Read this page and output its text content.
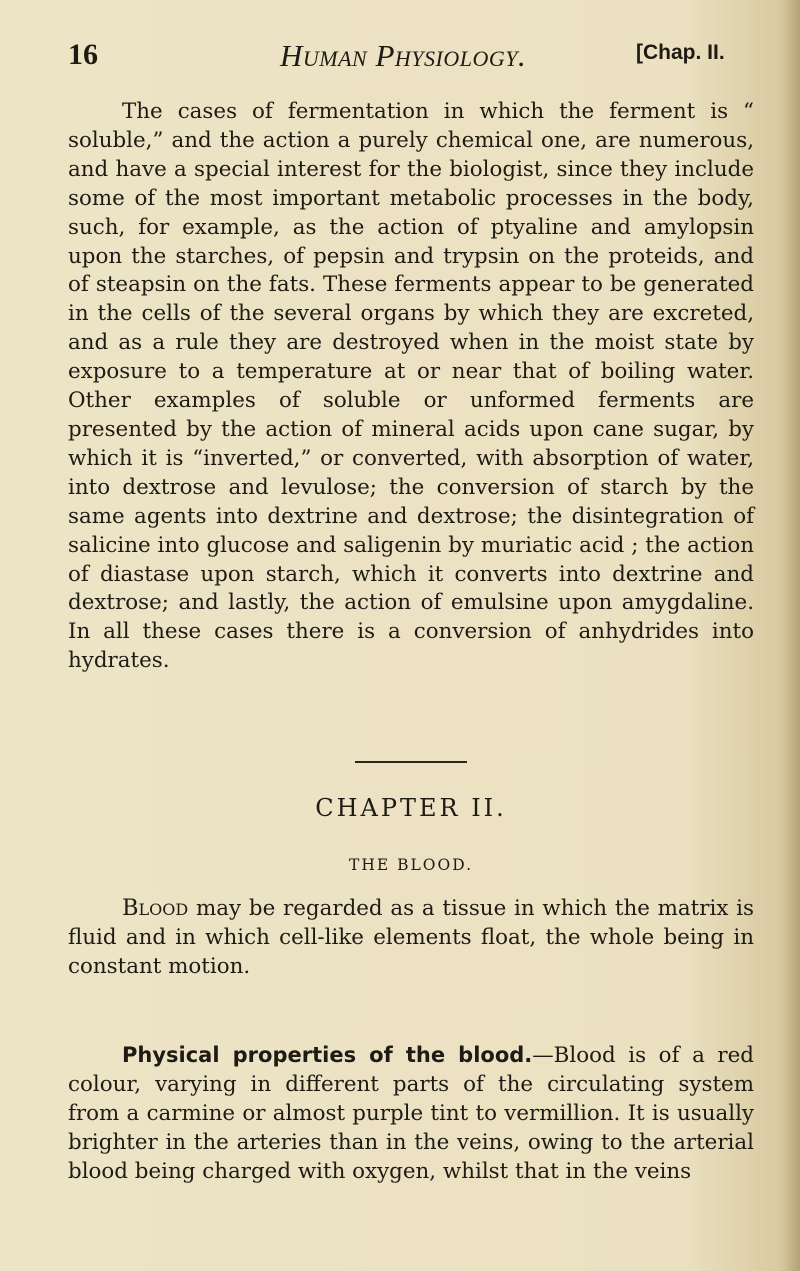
16	Human Physiology.	[Chap. II.

The cases of fermentation in which the ferment is “ soluble,” and the action a purely chemical one, are numerous, and have a special interest for the biologist, since they include some of the most important metabolic processes in the body, such, for example, as the action of ptyaline and amylopsin upon the starches, of pepsin and trypsin on the proteids, and of steapsin on the fats. These ferments appear to be generated in the cells of the several organs by which they are excreted, and as a rule they are destroyed when in the moist state by exposure to a temperature at or near that of boiling water. Other examples of soluble or unformed ferments are presented by the action of mineral acids upon cane sugar, by which it is “inverted,” or converted, with absorption of water, into dextrose and levulose; the conversion of starch by the same agents into dextrine and dextrose; the disintegration of salicine into glucose and saligenin by muriatic acid ; the action of diastase upon starch, which it converts into dextrine and dextrose; and lastly, the action of emulsine upon amygdaline. In all these cases there is a conversion of anhydrides into hydrates.

CHAPTER II.
THE BLOOD.

Blood may be regarded as a tissue in which the matrix is fluid and in which cell-like elements float, the whole being in constant motion.

Physical properties of the blood.—Blood is of a red colour, varying in different parts of the circulating system from a carmine or almost purple tint to vermillion. It is usually brighter in the arteries than in the veins, owing to the arterial blood being charged with oxygen, whilst that in the veins
